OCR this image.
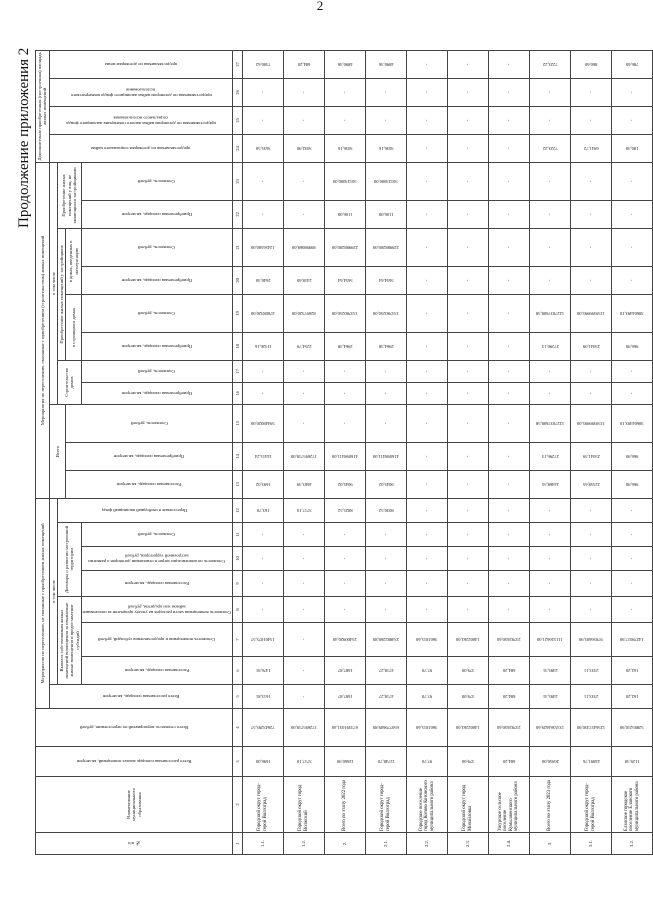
2
Продолжение приложения 2
№ п/п	Наименование муниципального образования	Всего расселяемая площадь жилых помещений, кв.метров	Всего стоимость мероприятий по переселению, рублей	Мероприятия по переселению, не связанные с приобретением жилых помещений								Мероприятия по переселению, связанные с приобретением (строительством) жилых помещений											Дополнительно приобретенная (построенная) площадь жилых помещений			

				Всего расселяемая площадь, кв.метров	в том числе							Всего			в том числе								предоставляемая по договорам социального найма	предоставляемая по договорам найма жилого помещения жилищного фонда социального использования	предоставляемая по договорам найма жилищного фонда коммерческого использования	предоставляемая по договорам мены

					Выплата собственникам жилых помещений возмещения за изымаемые жилые помещения и предоставление субсидий			Договоры о развитии застроенной территории			Переселение в свободный жилищный фонд				Строительство домов		Приобретение жилых помещений у застройщиков				Приобретение жилых помещений у лиц, не являющихся застройщиками					

												Расселяемая площадь, кв.метров	Приобретаемая площадь, кв.метров	Стоимость, рублей			в строящихся домах		в домах, введенных в эксплуатацию							

					Расселяемая площадь, кв.метров	Стоимость возмещения и предоставления субсидий, рублей	Стоимость возмещения части расходов на уплату процентов за пользование займом или кредитом, рублей	Расселяемая площадь, кв.метров	Стоимость по компенсации затрат в отношении договоров о развитии застроенной территории, рублей	Стоимость, рублей					Приобретаемая площадь, кв.метров	Стоимость, рублей	Приобретаемая площадь, кв.метров	Стоимость, рублей	Приобретаемая площадь, кв.метров	Стоимость, рублей	Приобретаемая площадь, кв.метров	Стоимость, рублей				

1	2	3	4	5	6	7	8	9	10	11	12	13	14	15	16	17	18	19	20	21	22	23	24	25	26	27
1.1.	Городской округ город-герой Волгоград	1696,00	72643295,57	1613,81	1476,91	15401875,57	-	-	-	-	163,70	1693,02	14415,24	59448020,00	-	-	11326,16	47008320,00	2640,30	12456500,00	-	-	3635,50	-	-	7300,62

1.2.	Городской округ город Волжский	3717,10	172695718,00	-	-	-	-	-	-	-	3717,10	4603,39	172695718,00	-	-	-	2254,79	82697520,00	2418,60	89998068,00	-	-	3032,90	-	-	684,20

2.	Всего по этапу 2022 года	12660,90	673391031,40	1687,87	1687,87	25400920,40	-	-	-	-	8825,52	9045,02	416098411,00	-	-	-	2964,38	133780250,00	5654,64	229988200,00	1106,00	50123000,00	3036,16	-	-	4890,36

2.1.	Городской округ город-герой Волгоград	12748,70	650779609,80	4718,27	4718,27	234882268,80	-	-	-	-	8030,52	9045,02	416098411,00	-	-	-	2964,38	133780250,00	5654,64	229988200,00	1106,00	50123000,00	3036,16	-	-	4890,36

2.2.	Городское поселение город Котово Котовского муниципального района	97,70	3601815,60	97,70	97,70	3601815,60	-	-	-	-	-	-	-	-	-	-	-	-	-	-	-	-	-	-	-	-
2.3.	Городской округ город Михайловка	379,00	14002262,00	379,00	379,00	14002262,00	-	-	-	-	-	-	-	-	-	-	-	-	-	-	-	-	-	-	-	-
2.4.	Ужурское сельское поселение Кумылженского муниципального района	684,20	23782630,60	684,20	684,20	23782630,60	-	-	-	-	-	-	-	-	-	-	-	-	-	-	-	-	-	-	-	-
3.	Всего по этапу 2023 года	26956,00	1335364629,60	2495,31	2495,31	111526621,00	-	-	-	-	-	24468,55	27296,13	1227037608,58	-	-	27290,13	1227037608,58	-	-	-	-	7223,22	-	-	7223,22

3.1.	Городской округ город-герой Волгоград	24891,76	1256457430,90	2333,11	2333,11	97056605,90	-	-	-	-	-	22558,65	25041,59	1159399995,00	-	-	25041,09	1159399995,00	-	-	-	-	6941,72	-	-	860,60

3.2.	Еланское городское поселение Еланского муниципального района	1129,30	52885210,90	162,20	162,20	14278017,90	-	-	-	-	-	966,90	966,90	38604493,10	-	-	966,90	38604493,10	-	-	-	-	180,30	-	-	786,60
